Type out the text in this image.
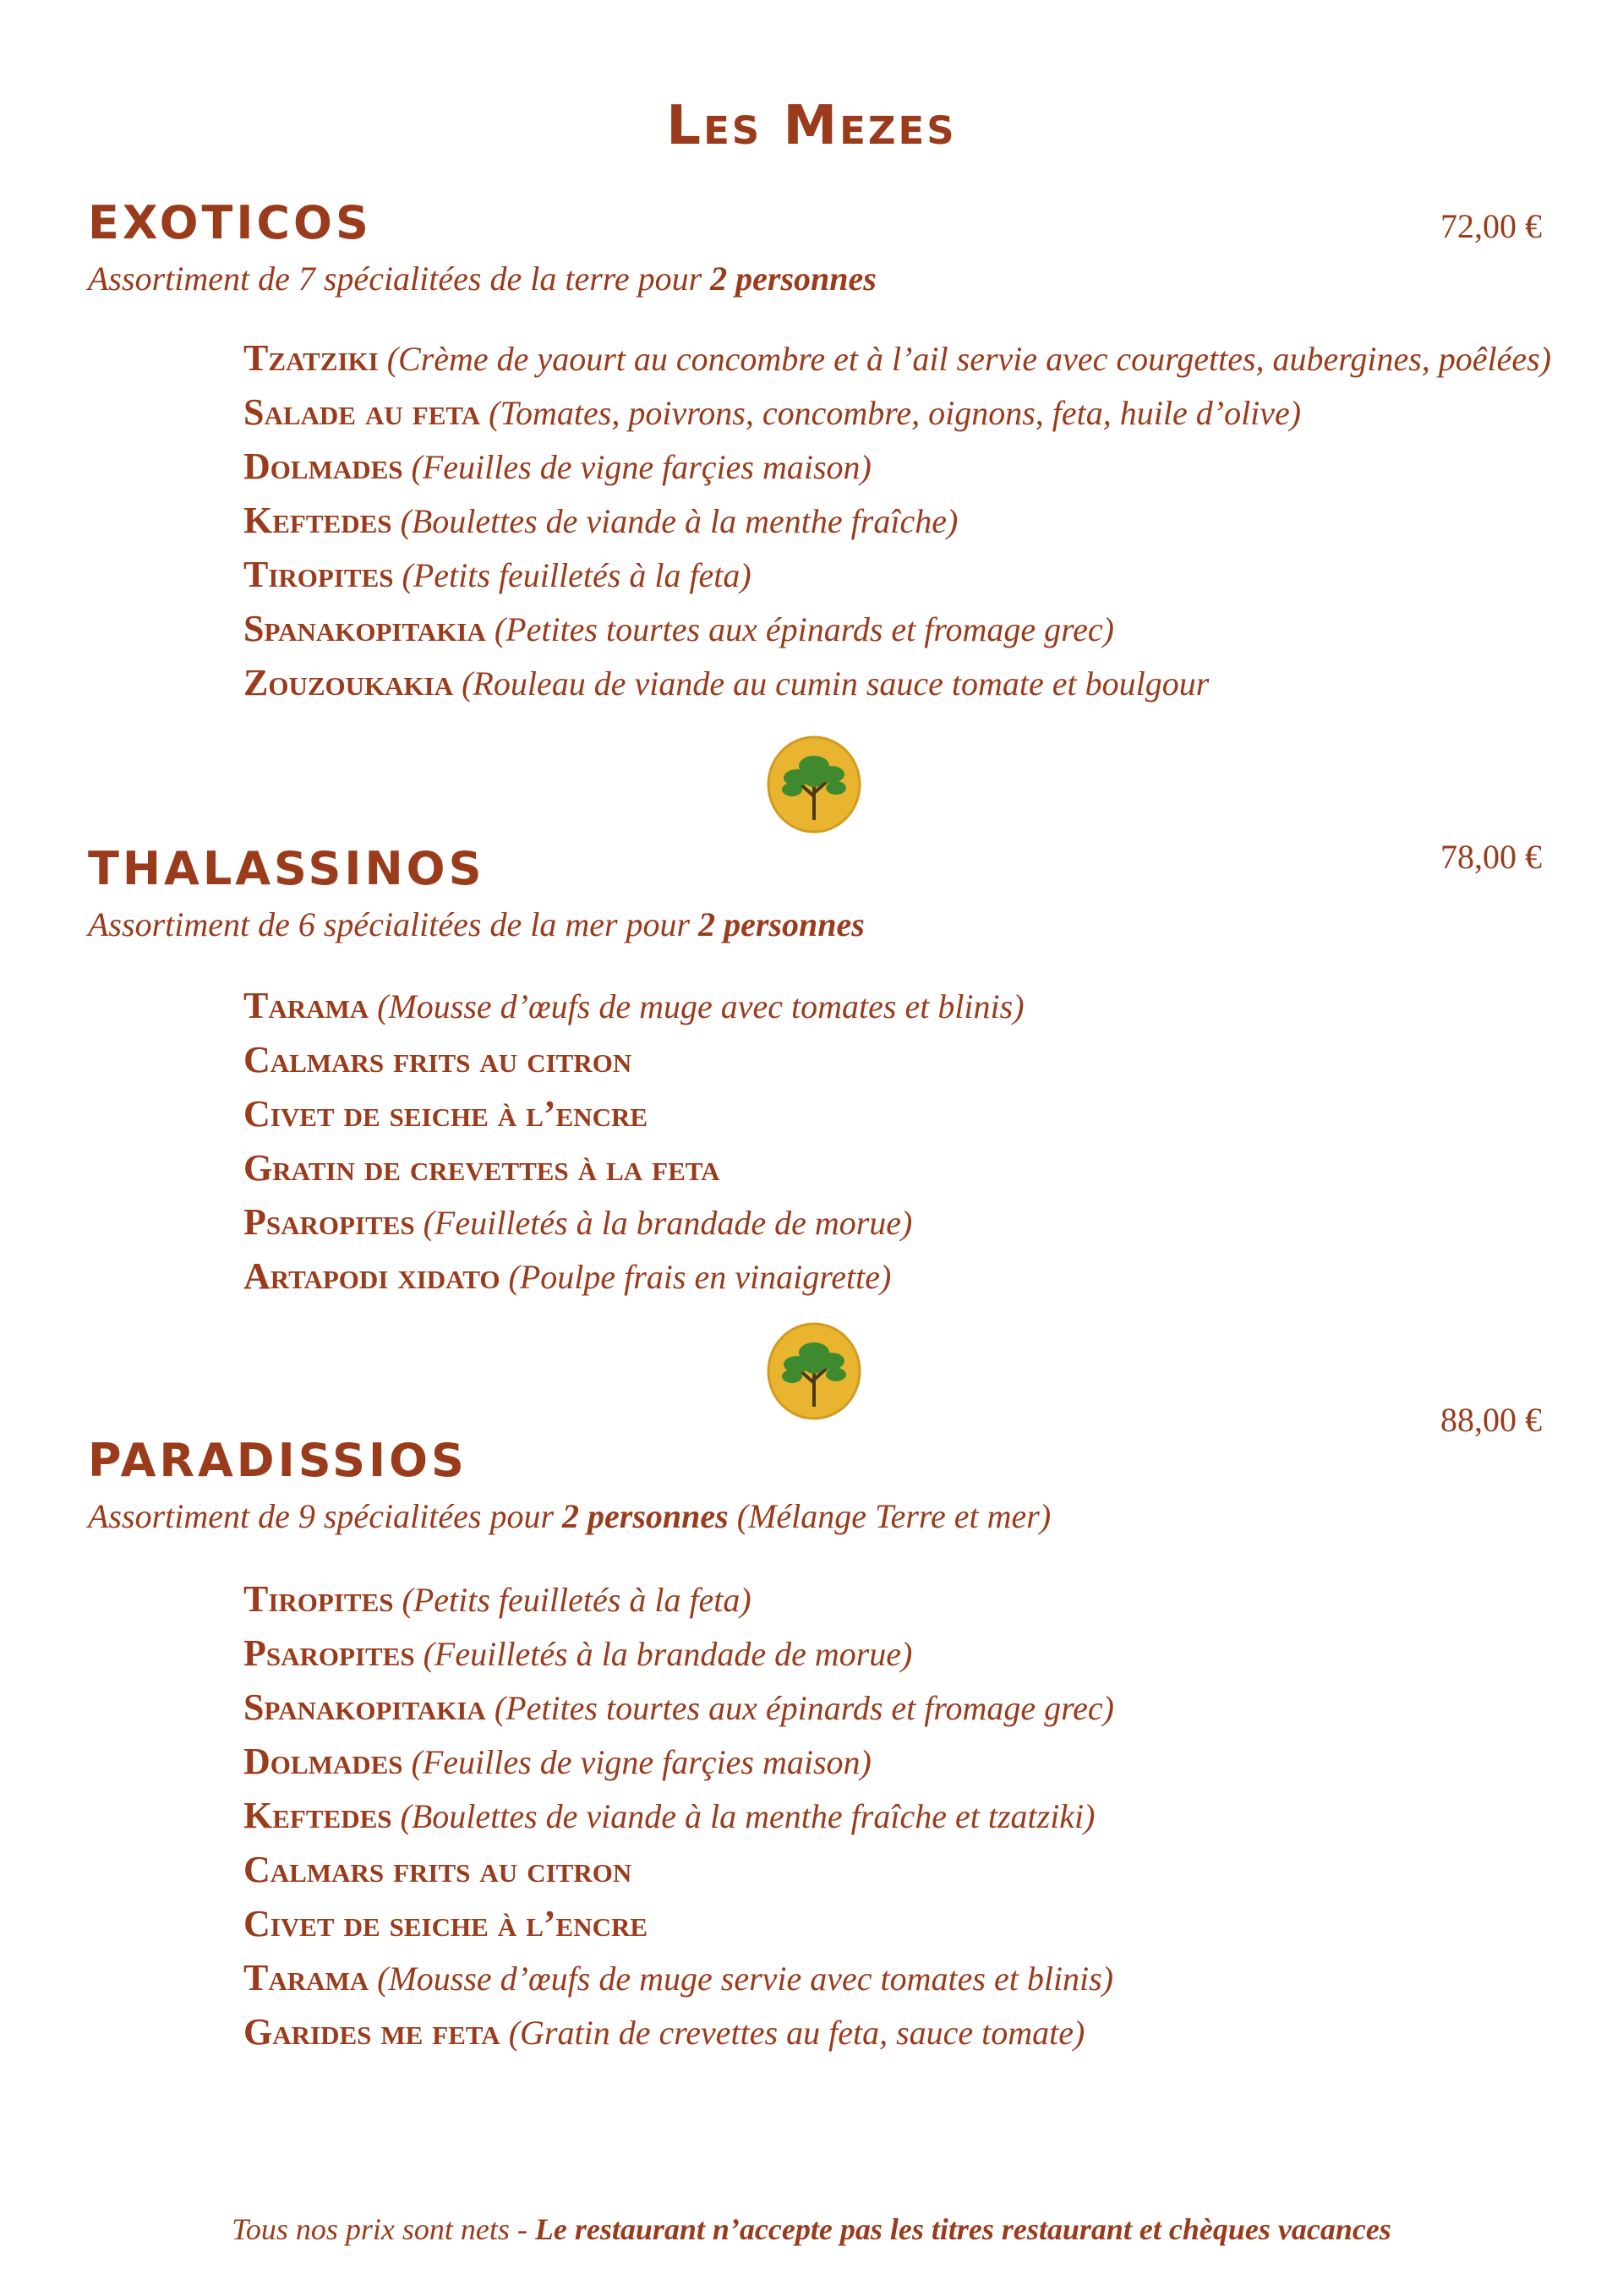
Les Mezes
EXOTICOS	72,00 €
Assortiment de 7 spécialitées de la terre pour 2 personnes
Tzatziki (Crème de yaourt au concombre et à l’ail servie avec courgettes, aubergines, poêlées)
Salade au feta (Tomates, poivrons, concombre, oignons, feta, huile d’olive)
Dolmades (Feuilles de vigne farçies maison)
Keftedes (Boulettes de viande à la menthe fraîche)
Tiropites (Petits feuilletés à la feta)
Spanakopitakia (Petites tourtes aux épinards et fromage grec)
Zouzoukakia (Rouleau de viande au cumin sauce tomate et boulgour
THALASSINOS	78,00 €
Assortiment de 6 spécialitées de la mer pour 2 personnes
Tarama (Mousse d’œufs de muge avec tomates et blinis)
Calmars frits au citron
Civet de seiche à l’encre
Gratin de crevettes à la feta
Psaropites (Feuilletés à la brandade de morue)
Artapodi xidato (Poulpe frais en vinaigrette)
88,00 €
PARADISSIOS
Assortiment de 9 spécialitées pour 2 personnes (Mélange Terre et mer)
Tiropites (Petits feuilletés à la feta)
Psaropites (Feuilletés à la brandade de morue)
Spanakopitakia (Petites tourtes aux épinards et fromage grec)
Dolmades (Feuilles de vigne farçies maison)
Keftedes (Boulettes de viande à la menthe fraîche et tzatziki)
Calmars frits au citron
Civet de seiche à l’encre
Tarama (Mousse d’œufs de muge servie avec tomates et blinis)
Garides me feta (Gratin de crevettes au feta, sauce tomate)
Tous nos prix sont nets - Le restaurant n’accepte pas les titres restaurant et chèques vacances
